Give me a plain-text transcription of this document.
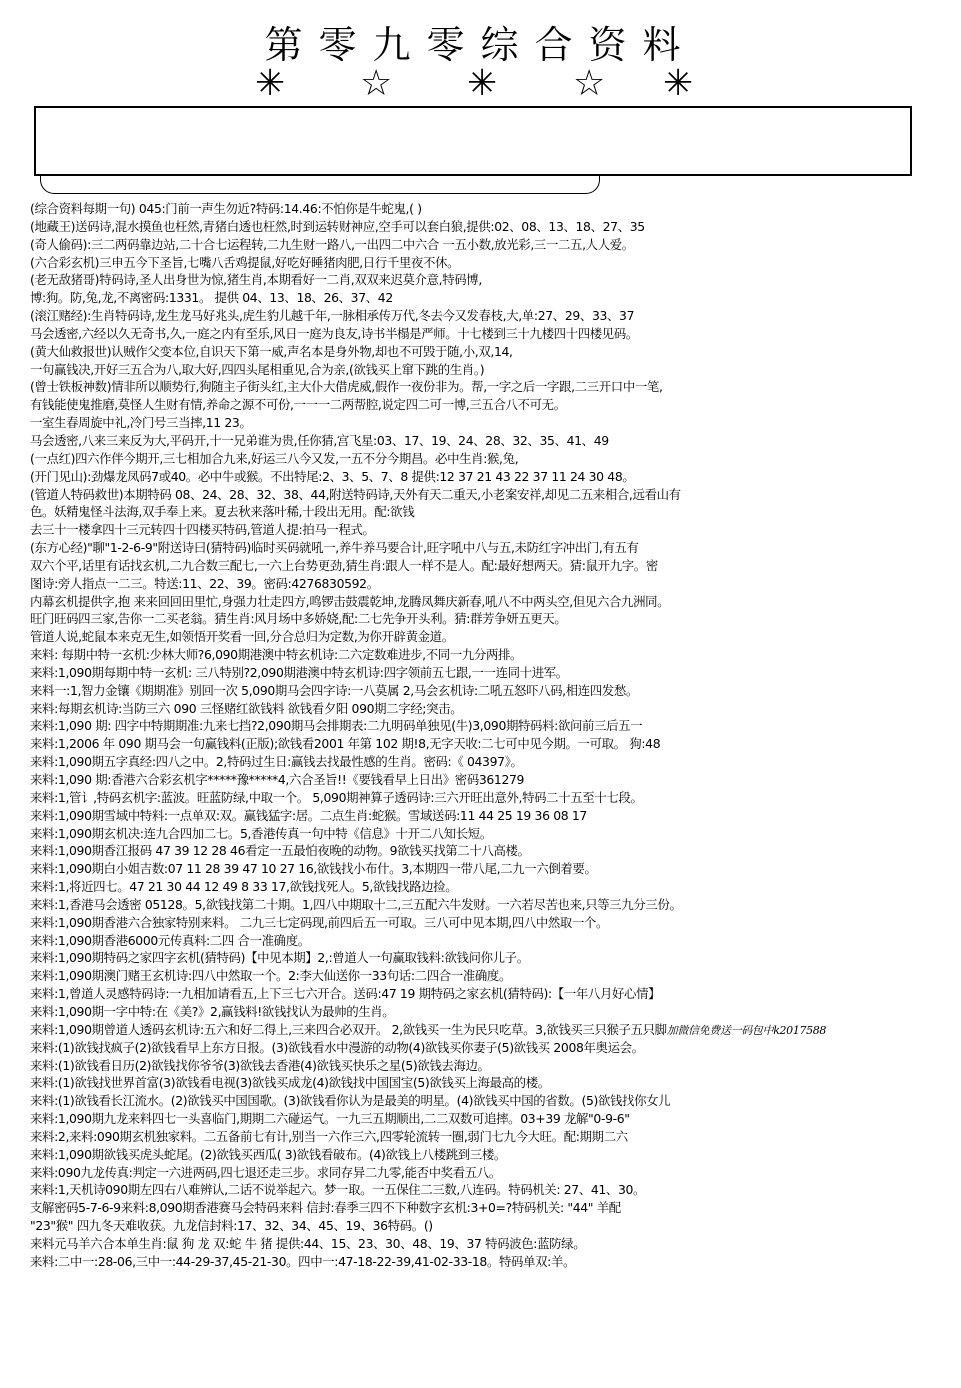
第零九零综合资料
✳ ☆ ✳ ☆ ✳
(综合资料每期一句) 045:门前一声生勿近?特码:14.46:不怕你是牛蛇鬼,( )
(地藏王)送码诗,混水摸鱼也枉然,青猪白透也枉然,时到运转财神应,空手可以套白狼,提供:02、08、13、18、27、35
(奇人偷码):三二两码靠边站,二十合七运程转,二九生财一路八,一出四二中六合 一五小数,放光彩,三一二五,人人爱。
(六合彩玄机)三申五今下圣旨,七嘴八舌鸡提鼠,好吃好睡猪肉肥,日行千里夜不休。
(老无敌猪哥)特码诗,圣人出身世为惊,猪生肖,本期看好一二肖,双双来迟莫介意,特码博,
博:狗。防,兔,龙,不离密码:1331。 提供 04、13、18、26、37、42
(滚江赌经):生肖特码诗,龙生龙马好兆头,虎生豹儿越千年,一脉相承传万代,冬去今又发春枝,大,单:27、29、33、37
马会透密,六经以久无奇书,久,一庭之内有至乐,风日一庭为良友,诗书半榻是严师。十七楼到三十九楼四十四楼见码。
(黄大仙救报世)认贼作父变本位,自识天下第一威,声名本是身外物,却也不可毁于随,小,双,14,
一句赢钱决,开好三五合为八,取大好,四四头尾相重见,合为亲,(欲钱买上窜下跳的生肖。)
(曾士铁板神数)情非所以顺势行,狗随主子街头红,主大仆大借虎威,假作一夜份非为。帮,一字之后一字跟,二三开口中一笔,
有钱能使鬼推磨,莫怪人生财有情,养命之源不可份,一一一二两帮腔,说定四二可一博,三五合八不可无。
一室生春周旋中礼,冷门号三当摔,11 23。
马会透密,八来三来反为大,平码开,十一兄弟谁为贵,任你猜,宫飞星:03、17、19、24、28、32、35、41、49
(一点红)四六作伴今期开,三七相加合九来,好运三八今又发,一五不分今期昌。必中生肖:猴,兔,
(开门见山):劲爆龙凤码7或40。必中牛或猴。不出特尾:2、3、5、7、8 提供:12 37 21 43 22 37 11 24 30 48。
(管道人特码救世)本期特码 08、24、28、32、38、44,附送特码诗,天外有天二重天,小老案安祥,却见二五来相合,远看山有
色。妖精鬼怪斗法海,双手奉上来。夏去秋来落叶稀,十段出无用。配:欲钱
去三十一楼拿四十三元转四十四楼买特码,管道人提:拍马一程式。
(东方心经)"聊"1-2-6-9"附送诗曰(猜特码)临时买码就吼一,养牛养马要合计,旺字吼中八与五,未防红字冲出门,有五有
双六个平,话里有话找玄机,二九合数三配七,一六上台势更劲,猜生肖:跟人一样不是人。配:最好想两天。猜:鼠开九字。密
图诗:旁人指点一二三。特送:11、22、39。密码:4276830592。
内幕玄机提供字,抱 来来回回田里忙,身强力壮走四方,鸣锣击鼓震乾坤,龙腾凤舞庆新春,吼八不中两头空,但见六合九洲同。
旺门旺码四三家,告你一二买老翁。猜生肖:风月场中多娇娆,配:二七先争开头利。猜:群芳争妍五更天。
管道人说,蛇鼠本来克无生,如领悟开奖看一回,分合总归为定数,为你开辟黄金道。
来料: 每期中特一玄机:少林大师?6,090期港澳中特玄机诗:二六定数难进步,不同一九分两排。
来料:1,090期每期中特一玄机: 三八特别?2,090期港澳中特玄机诗:四字领前五七跟,一一连同十进军。
来料一:1,智力金镶《期期准》别回一次 5,090期马会四字诗:一八莫属 2,马会玄机诗:二吼五怒吓八码,相连四发愁。
来料:每期玄机诗:当防三六 090 三怪赌红欲钱料 欲钱看夕阳 090期二字经;突击。
来料:1,090 期: 四字中特期期准:九来七挡?2,090期马会排期表:二九明码单独见(牛)3,090期特码料:欲问前三后五一
来料:1,2006 年 090 期马会一句赢钱料(正版);欲钱看2001 年第 102 期!8,无字天收:二七可中见今期。一可取。 狗:48
来料:1,090期五字真经:四八之中。2,特码过生日:赢钱去找最性感的生肖。密码:《 04397》。
来料:1,090 期:香港六合彩玄机字*****豫*****4,六合圣旨!!《要钱看早上日出》密码361279
来料:1,管讠,特码玄机字:蓝波。旺蓝防绿,中取一个。 5,090期神算子透码诗:三六开旺出意外,特码二十五至十七段。
来料:1,090期雪域中特料:一点单双:双。赢钱猛字:居。二点生肖:蛇猴。雪域送码:11 44 25 19 36 08 17
来料:1,090期玄机决:连九合四加二七。5,香港传真一句中特《信息》十开二八知长短。
来料:1,090期香江报码 47 39 12 28 46看定一五最怕夜晚的动物。9欲钱买找第二十八高楼。
来料:1,090期白小姐吉数:07 11 28 39 47 10 27 16,欲钱找小布什。3,本期四一带八尾,二九一六倒着要。
来料:1,将近四七。47 21 30 44 12 49 8 33 17,欲钱找死人。5,欲钱找路边捡。
来料:1,香港马会透密 05128。5,欲钱找第二十期。1,四八中期取十二,三五配六牛发财。一六若尽苦也来,只等三九分三份。
来料:1,090期香港六合独家特别来料。 二九三七定码现,前四后五一可取。三八可中见本期,四八中然取一个。
来料:1,090期香港6000元传真料:二四 合一准确度。
来料:1,090期特码之家四字玄机(猜特码)【中见本期】2,:曾道人一句赢取钱料:欲钱问你儿子。
来料:1,090期澳门赌王玄机诗:四八中然取一个。2:李大仙送你一33句话:二四合一准确度。
来料:1,曾道人灵感特码诗:一九相加请看五,上下三七六开合。送码:47 19 期特码之家玄机(猜特码):【一年八月好心情】
来料:1,090期一字中特:在《美?》2,赢钱料!欲钱找认为最帅的生肖。
来料:1,090期曾道人透码玄机诗:五六和好二得上,三来四合必双开。 2,欲钱买一生为民只吃草。3,欲钱买三只猴子五只脚加微信免费送一码包中k2017588
来料:(1)欲钱找疯子(2)欲钱看早上东方日报。(3)欲钱看水中漫游的动物(4)欲钱买你妻子(5)欲钱买 2008年奥运会。
来料:(1)欲钱看日历(2)欲钱找你爷爷(3)欲钱去香港(4)欲钱买快乐之星(5)欲钱去海边。
来料:(1)欲钱找世界首富(3)欲钱看电视(3)欲钱买成龙(4)欲钱找中国国宝(5)欲钱买上海最高的楼。
来料:(1)欲钱看长江流水。(2)欲钱买中国国歌。(3)欲钱看你认为是最美的明星。(4)欲钱买中国的省数。(5)欲钱找你女儿
来料:1,090期九龙来料四七一头喜临门,期期二六碰运气。一九三五期顺出,二二双数可追摔。03+39 龙解"0-9-6"
来料:2,来料:090期玄机独家料。二五备前七有计,别当一六作三六,四零轮流转一圈,弱门七九今大旺。配:期期二六
来料:1,090期欲钱买虎头蛇尾。(2)欲钱买西瓜( 3)欲钱看破布。(4)欲钱上八楼跳到三楼。
来料:090九龙传真:判定一六进两码,四七退还走三步。求同存异二九零,能否中奖看五八。
来料:1,天机诗090期左四右八难辨认,二话不说举起六。梦一取。一五保住二三数,八连码。特码机关: 27、41、30。
支解密码5-7-6-9来料:8,090期香港赛马会特码来料 信封:春季三四不下种数字玄机:3+0=?特码机关: "44" 羊配
"23"猴" 四九冬天难收获。九龙信封料:17、32、34、45、19、36特码。()
来料元马羊六合本单生肖:鼠 狗 龙 双:蛇 牛 猪 提供:44、15、23、30、48、19、37 特码波色:蓝防绿。
来料:二中一:28-06,三中一:44-29-37,45-21-30。四中一:47-18-22-39,41-02-33-18。特码单双:羊。
